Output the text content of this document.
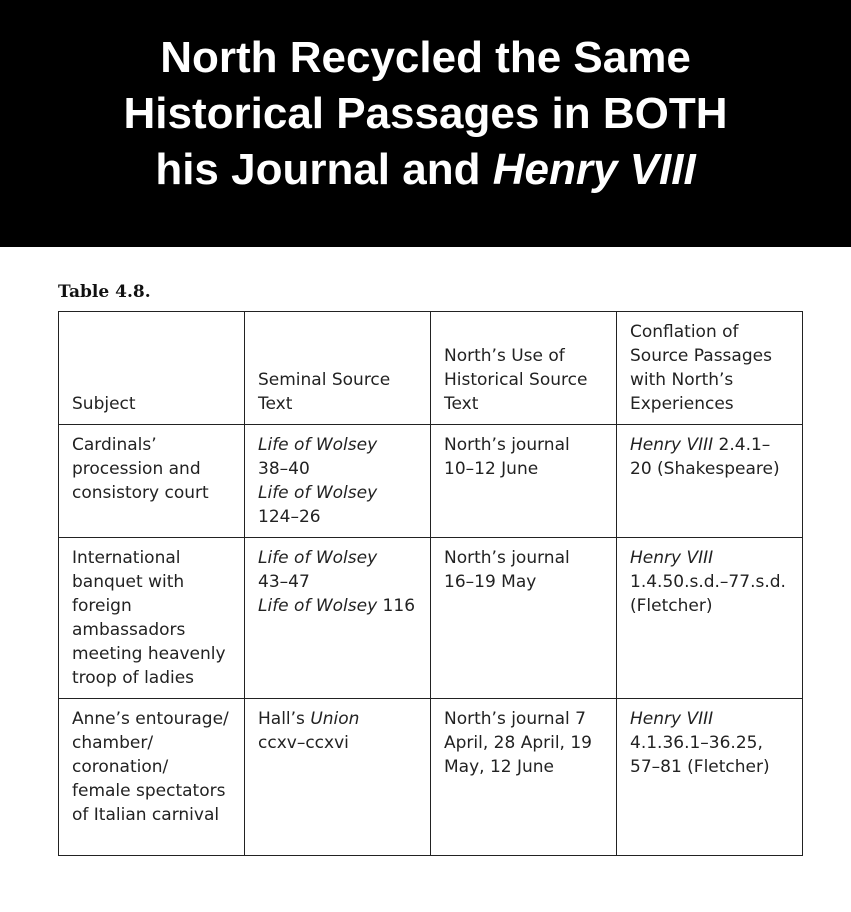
North Recycled the Same
Historical Passages in BOTH
his Journal and Henry VIII
Table 4.8.
Subject	Seminal Source Text	North’s Use of Historical Source Text	Conflation of Source Passages with North’s Experiences
Cardinals’ procession and consistory court	Life of Wolsey
38–40
Life of Wolsey
124–26	North’s journal 10–12 June	Henry VIII 2.4.1–20 (Shakespeare)
International banquet with foreign ambassadors meeting heavenly troop of ladies	Life of Wolsey
43–47
Life of Wolsey 116	North’s journal 16–19 May	Henry VIII 1.4.50.s.d.–77.s.d. (Fletcher)
Anne’s entourage/ chamber/ coronation/ female spectators of Italian carnival	Hall’s Union
ccxv–ccxvi	North’s journal 7 April, 28 April, 19 May, 12 June	Henry VIII 4.1.36.1–36.25, 57–81 (Fletcher)
